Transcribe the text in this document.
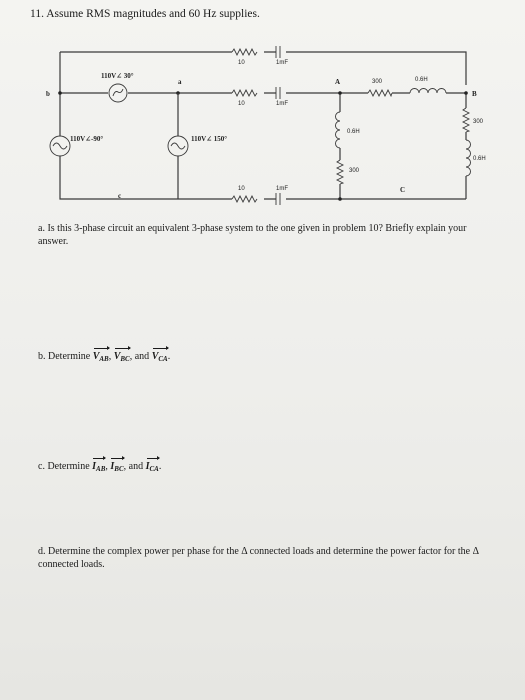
11. Assume RMS magnitudes and 60 Hz supplies.
10	1mF
10	1mF
10	1mF
300	0.6H
0.6H
300
300
0.6H
110V∠ 30°
110V∠-90°	110V∠ 150°
a
b
c
A
B
C
a. Is this 3-phase circuit an equivalent 3-phase system to the one given in problem 10? Briefly explain your answer.
b. Determine $V_{AB}$, $V_{BC}$, and $V_{CA}$.
c. Determine $I_{AB}$, $I_{BC}$, and $I_{CA}$.
d. Determine the complex power per phase for the Δ connected loads and determine the power factor for the Δ connected loads.
